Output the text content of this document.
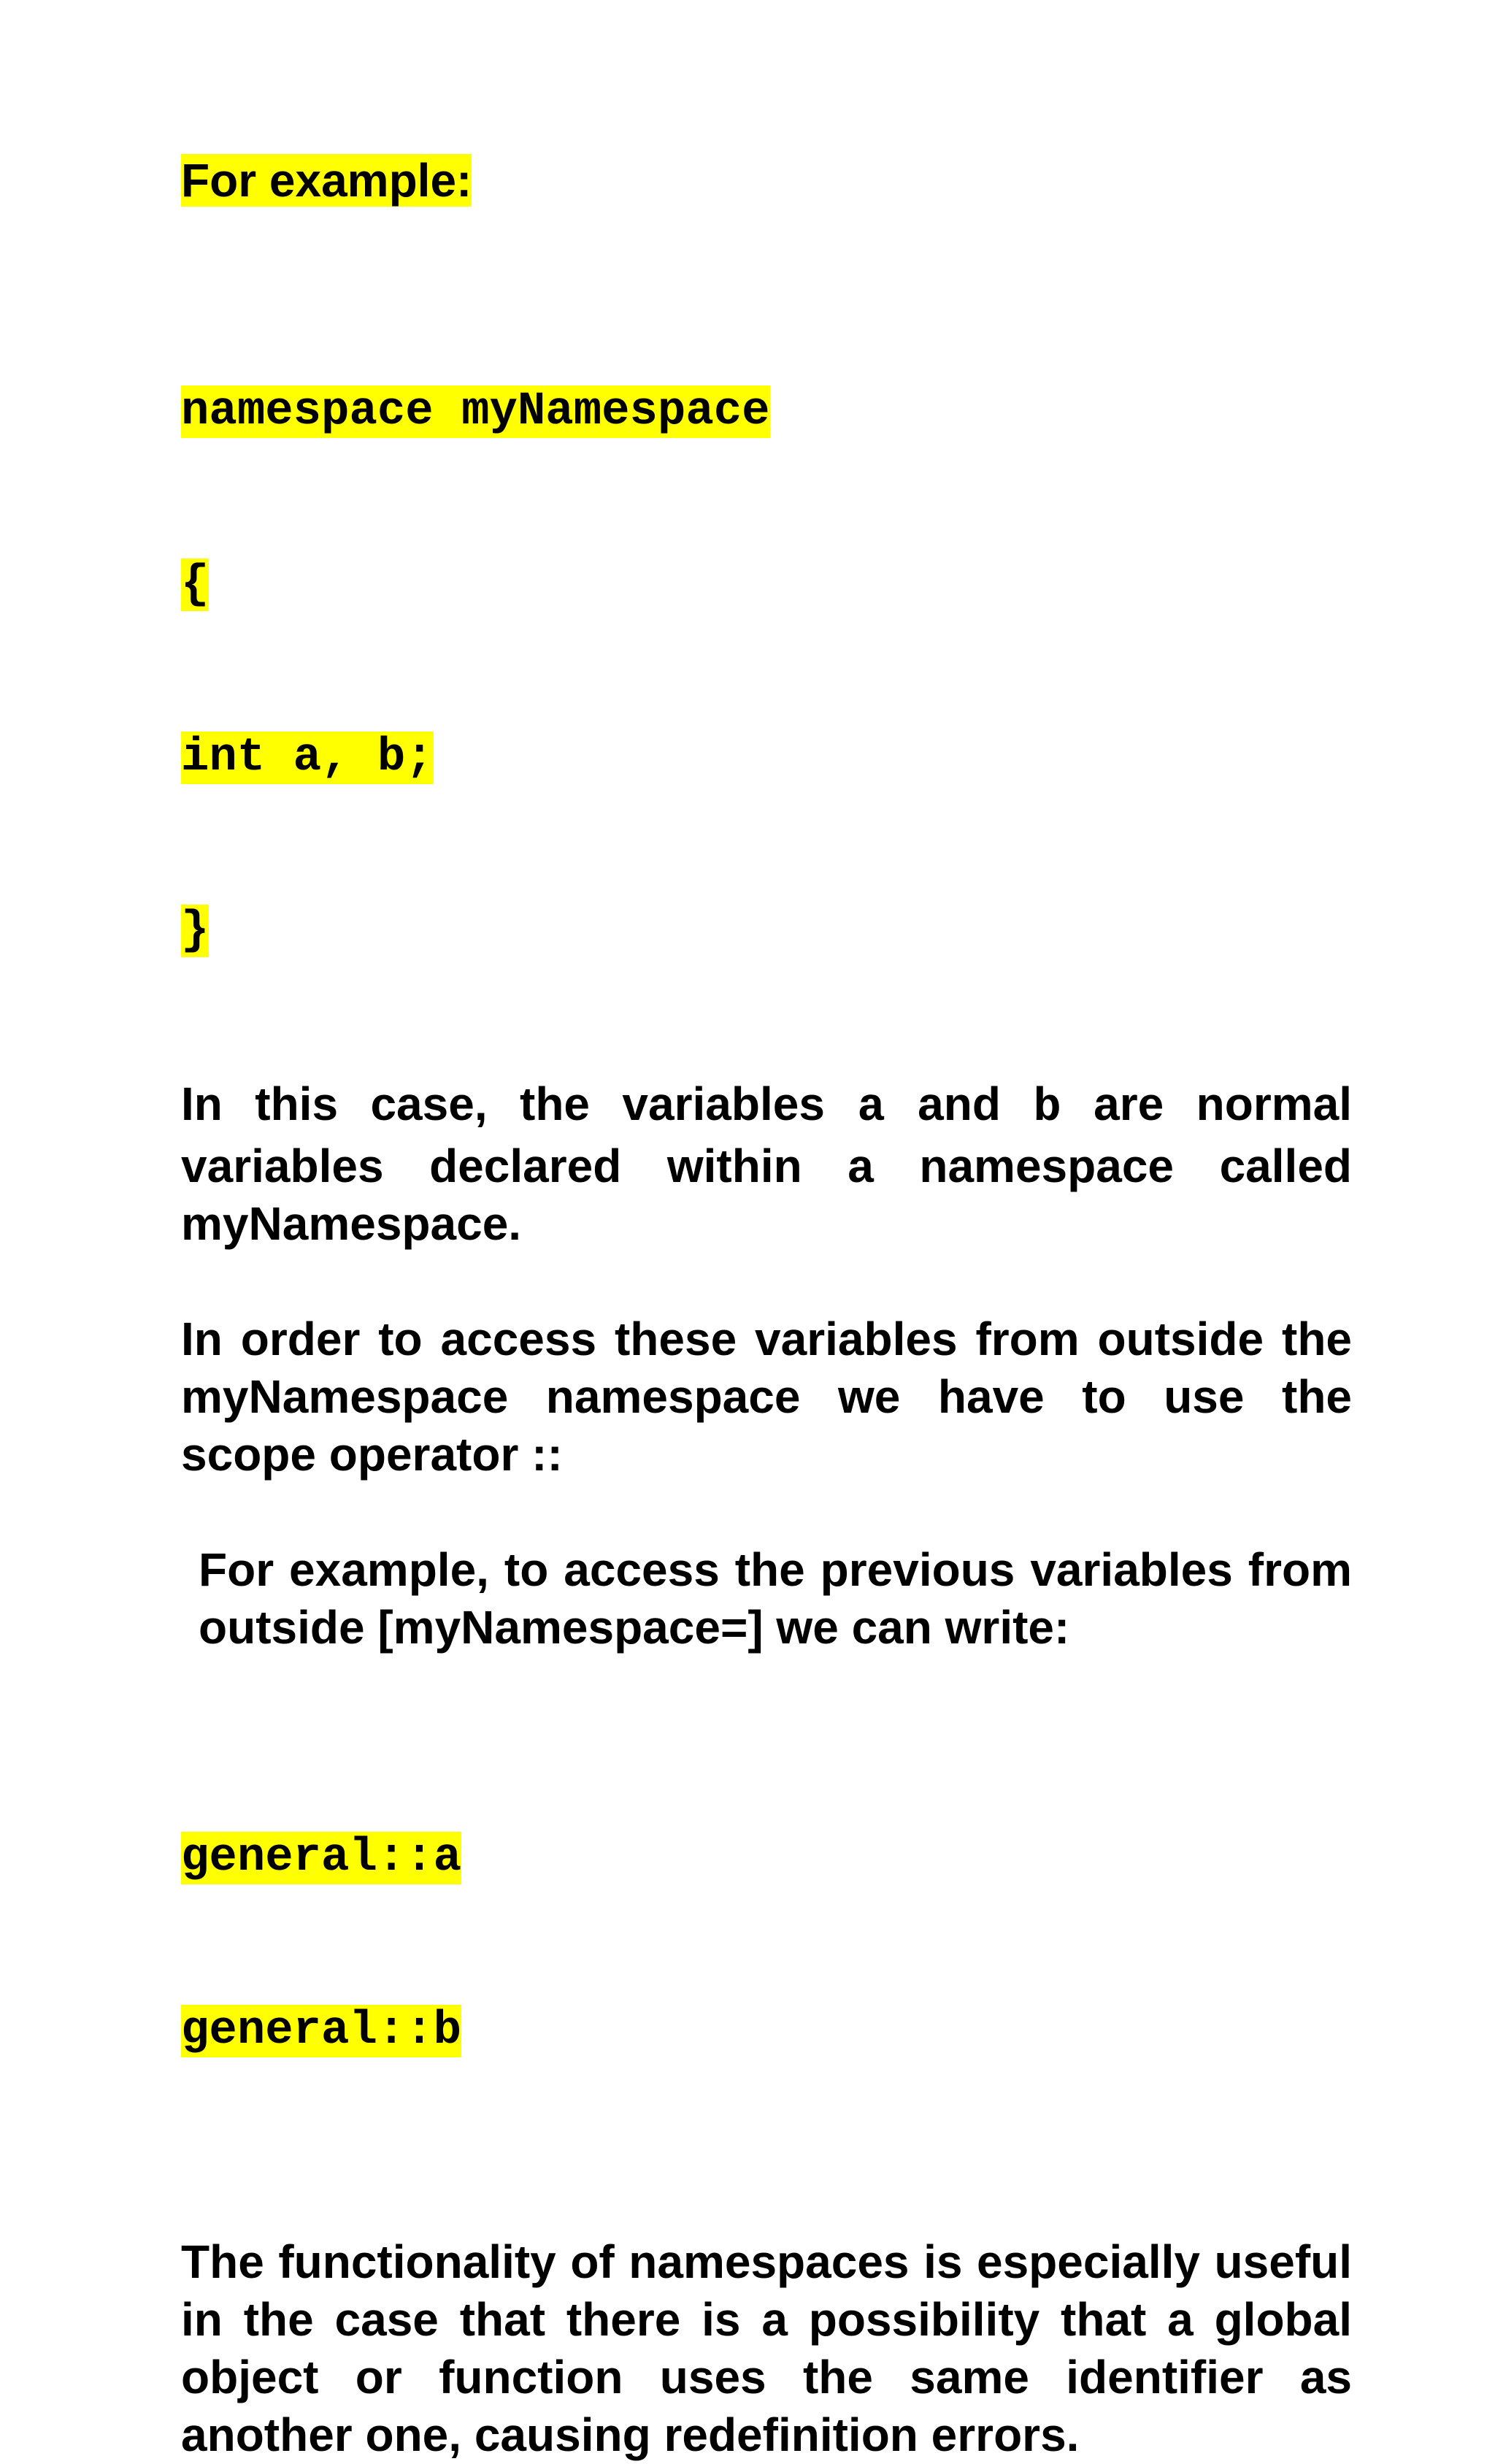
For example:

namespace myNamespace

{

int a, b;

}

In this case, the variables a and b are normal variables declared within a namespace called myNamespace.

In order to access these variables from outside the myNamespace namespace we have to use the scope operator ::

For example, to access the previous variables from outside [myNamespace=] we can write:

general::a

general::b

The functionality of namespaces is especially useful in the case that there is a possibility that a global object or function uses the same identifier as another one, causing redefinition errors.
